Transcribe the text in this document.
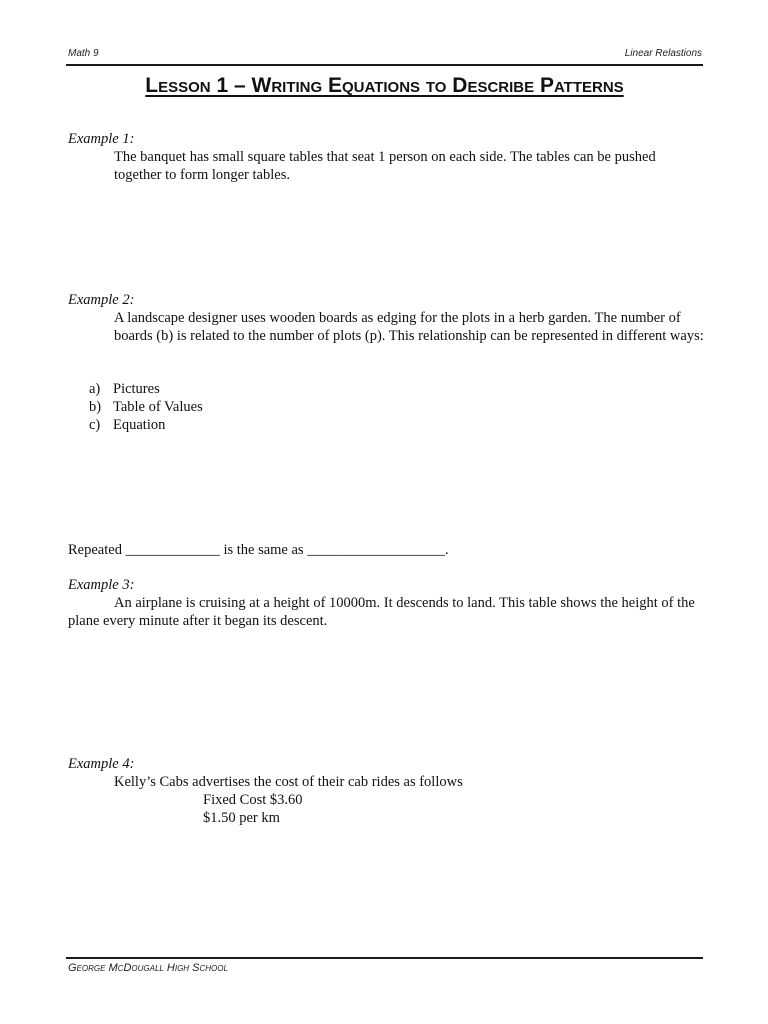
Math 9	Linear Relastions
Lesson 1 – Writing Equations to Describe Patterns
Example 1:
The banquet has small square tables that seat 1 person on each side. The tables can be pushed together to form longer tables.
Example 2:
A landscape designer uses wooden boards as edging for the plots in a herb garden. The number of boards (b) is related to the number of plots (p). This relationship can be represented in different ways:
a) Pictures
b) Table of Values
c) Equation
Repeated _____________ is the same as ___________________.
Example 3:
An airplane is cruising at a height of 10000m. It descends to land. This table shows the height of the plane every minute after it began its descent.
Example 4:
Kelly’s Cabs advertises the cost of their cab rides as follows
Fixed Cost $3.60
$1.50 per km
George McDougall High School
